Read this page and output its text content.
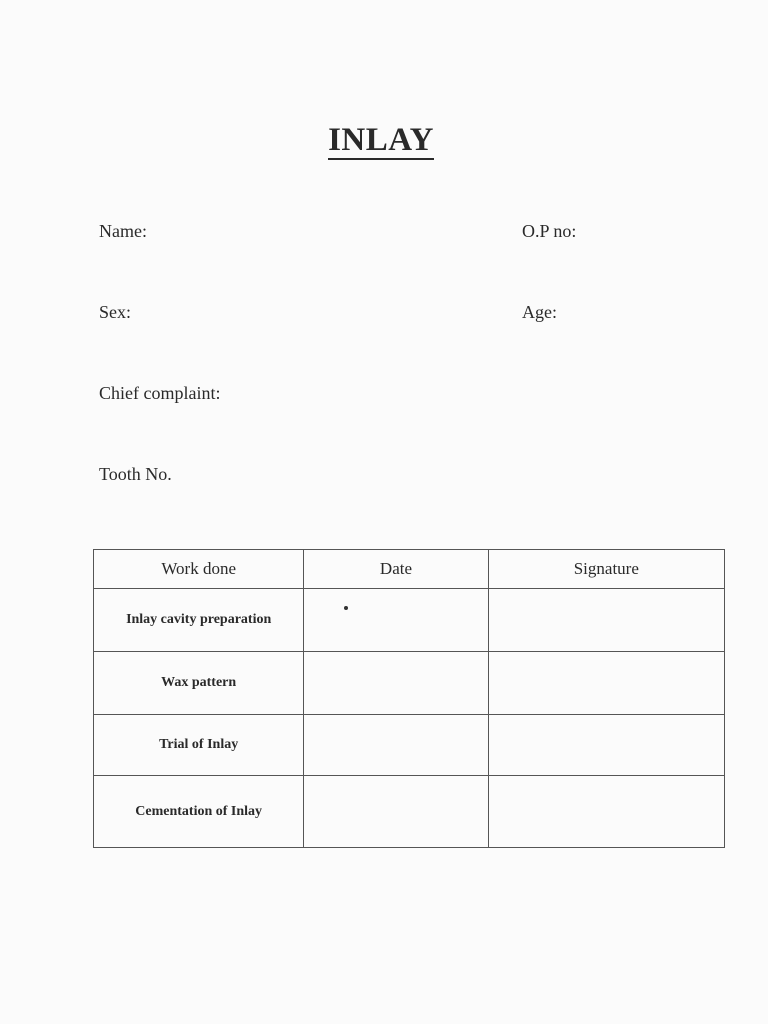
INLAY
Name:	O.P no:
Sex:	Age:
Chief complaint:
Tooth No.
Work done	Date	Signature
Inlay cavity preparation		
Wax pattern		
Trial of Inlay		
Cementation of Inlay		
